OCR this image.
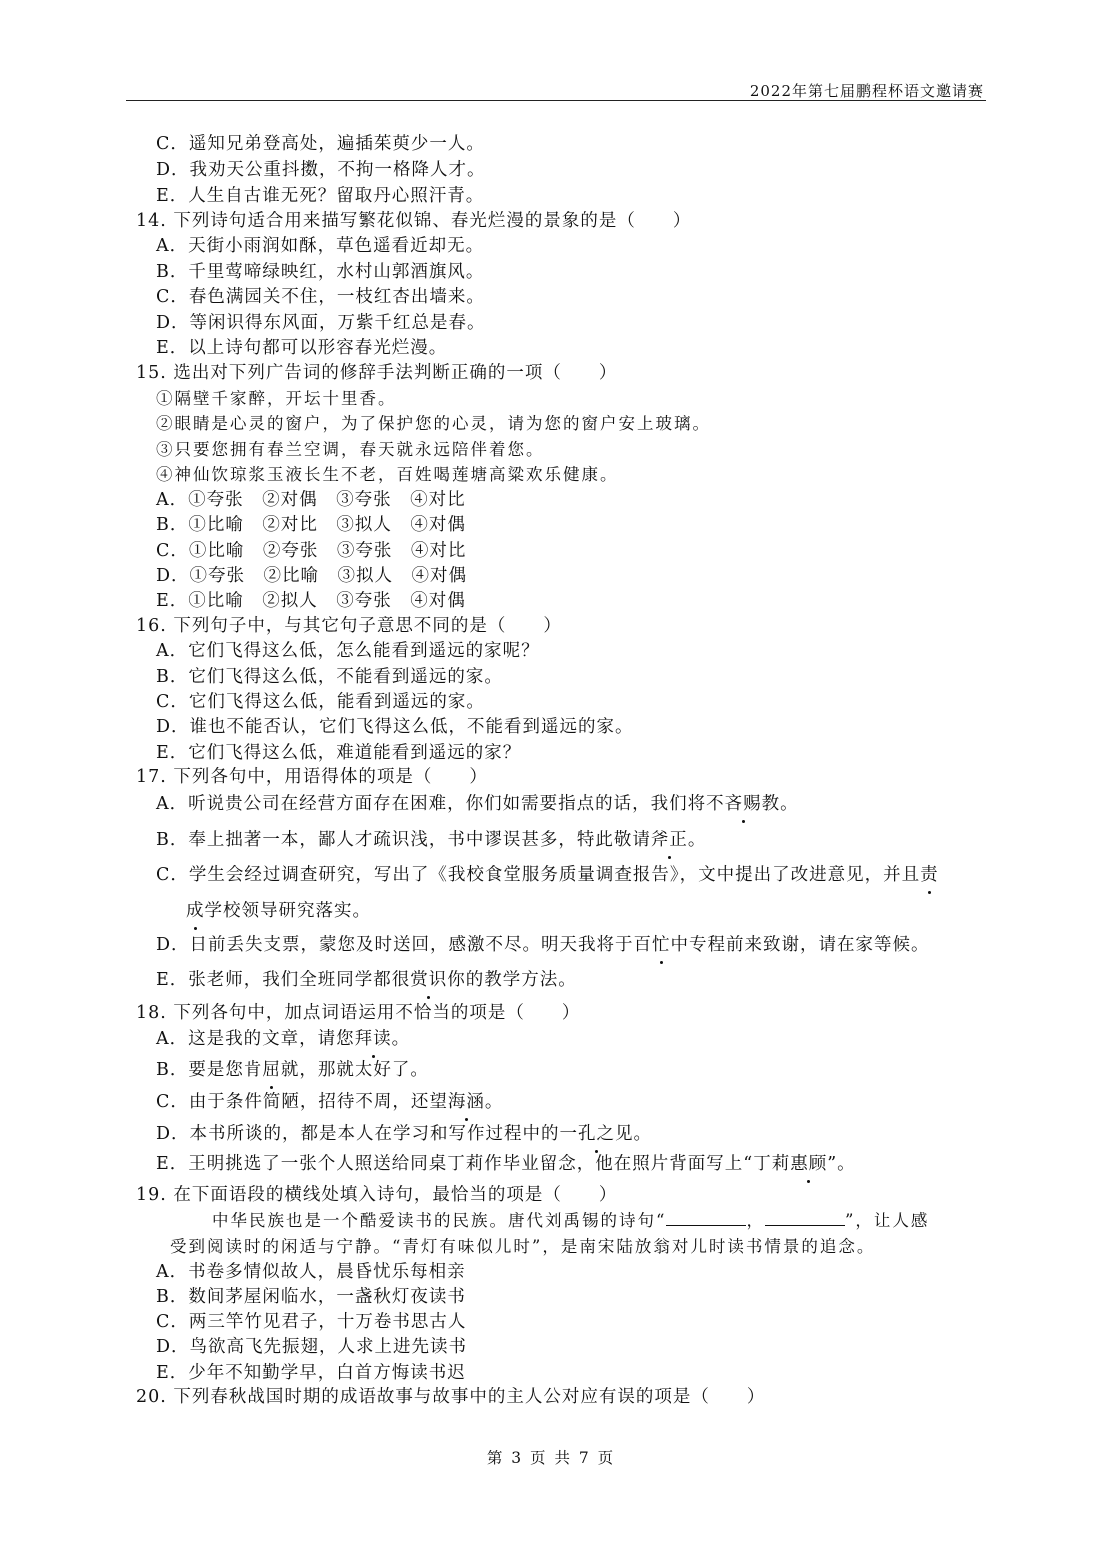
2022年第七届鹏程杯语文邀请赛
C．遥知兄弟登高处，遍插茱萸少一人。
D．我劝天公重抖擞，不拘一格降人才。
E．人生自古谁无死？留取丹心照汗青。
14. 下列诗句适合用来描写繁花似锦、春光烂漫的景象的是（　　）
A．天街小雨润如酥，草色遥看近却无。
B．千里莺啼绿映红，水村山郭酒旗风。
C．春色满园关不住，一枝红杏出墙来。
D．等闲识得东风面，万紫千红总是春。
E．以上诗句都可以形容春光烂漫。
15. 选出对下列广告词的修辞手法判断正确的一项（　　）
①隔壁千家醉，开坛十里香。
②眼睛是心灵的窗户，为了保护您的心灵，请为您的窗户安上玻璃。
③只要您拥有春兰空调，春天就永远陪伴着您。
④神仙饮琼浆玉液长生不老，百姓喝莲塘高粱欢乐健康。
A．①夸张　②对偶　③夸张　④对比
B．①比喻　②对比　③拟人　④对偶
C．①比喻　②夸张　③夸张　④对比
D．①夸张　②比喻　③拟人　④对偶
E．①比喻　②拟人　③夸张　④对偶
16. 下列句子中，与其它句子意思不同的是（　　）
A．它们飞得这么低，怎么能看到遥远的家呢？
B．它们飞得这么低，不能看到遥远的家。
C．它们飞得这么低，能看到遥远的家。
D．谁也不能否认，它们飞得这么低，不能看到遥远的家。
E．它们飞得这么低，难道能看到遥远的家？
17. 下列各句中，用语得体的项是（　　）
A．听说贵公司在经营方面存在困难，你们如需要指点的话，我们将不吝赐教。
B．奉上拙著一本，鄙人才疏识浅，书中谬误甚多，特此敬请斧正。
C．学生会经过调查研究，写出了《我校食堂服务质量调查报告》，文中提出了改进意见，并且责
成学校领导研究落实。
D．日前丢失支票，蒙您及时送回，感激不尽。明天我将于百忙中专程前来致谢，请在家等候。
E．张老师，我们全班同学都很赏识你的教学方法。
18. 下列各句中，加点词语运用不恰当的项是（　　）
A．这是我的文章，请您拜读。
B．要是您肯屈就，那就太好了。
C．由于条件简陋，招待不周，还望海涵。
D．本书所谈的，都是本人在学习和写作过程中的一孔之见。
E．王明挑选了一张个人照送给同桌丁莉作毕业留念，他在照片背面写上“丁莉惠顾”。
19. 在下面语段的横线处填入诗句，最恰当的项是（　　）
中华民族也是一个酷爱读书的民族。唐代刘禹锡的诗句“	，	”，让人感
受到阅读时的闲适与宁静。“青灯有味似儿时”，是南宋陆放翁对儿时读书情景的追念。
A．书卷多情似故人，晨昏忧乐每相亲
B．数间茅屋闲临水，一盏秋灯夜读书
C．两三竿竹见君子，十万卷书思古人
D．鸟欲高飞先振翅，人求上进先读书
E．少年不知勤学早，白首方悔读书迟
20. 下列春秋战国时期的成语故事与故事中的主人公对应有误的项是（　　）
第 3 页 共 7 页
